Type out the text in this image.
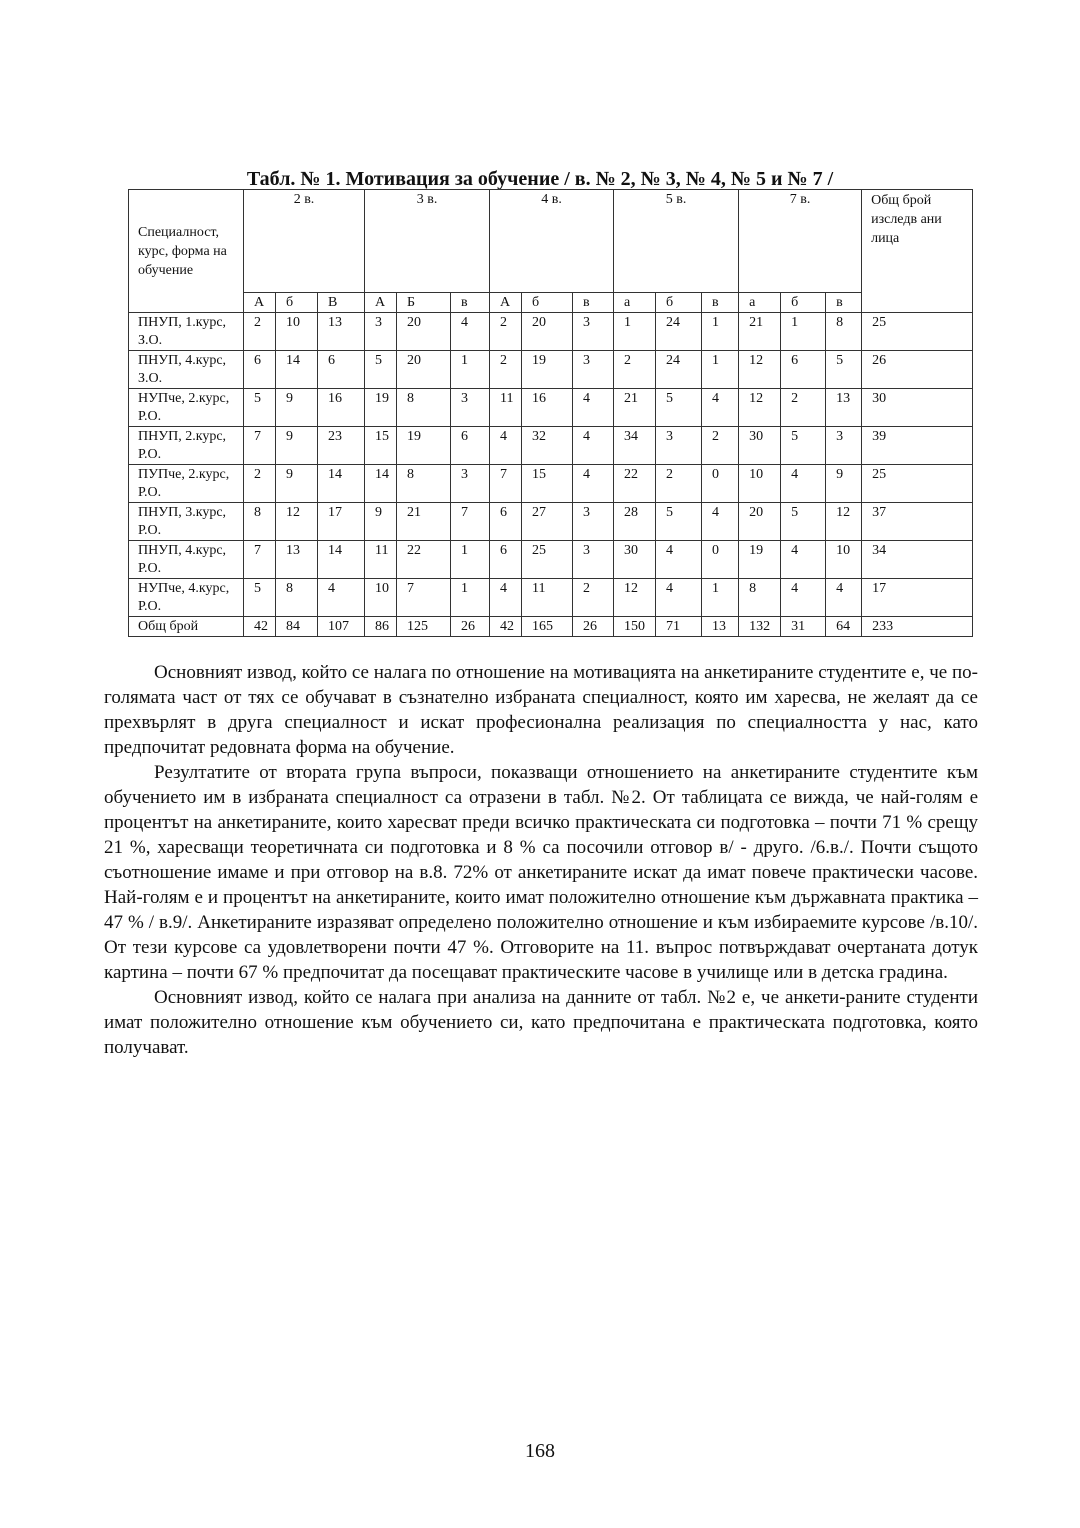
Табл. № 1. Мотивация за обучение / в. № 2, № 3, № 4, № 5 и № 7 /
Специалност, курс, форма на обучение	2 в.			3 в.			4 в.			5 в.			7 в.			Общ брой изследв ани лица
	А	б	В	А	Б	в	А	б	в	а	б	в	а	б	в	
ПНУП, 1.курс, З.О.	2	10	13	3	20	4	2	20	3	1	24	1	21	1	8	25
ПНУП, 4.курс, З.О.	6	14	6	5	20	1	2	19	3	2	24	1	12	6	5	26
НУПче, 2.курс, Р.О.	5	9	16	19	8	3	11	16	4	21	5	4	12	2	13	30
ПНУП, 2.курс, Р.О.	7	9	23	15	19	6	4	32	4	34	3	2	30	5	3	39
ПУПче, 2.курс, Р.О.	2	9	14	14	8	3	7	15	4	22	2	0	10	4	9	25
ПНУП, 3.курс, Р.О.	8	12	17	9	21	7	6	27	3	28	5	4	20	5	12	37
ПНУП, 4.курс, Р.О.	7	13	14	11	22	1	6	25	3	30	4	0	19	4	10	34
НУПче, 4.курс, Р.О.	5	8	4	10	7	1	4	11	2	12	4	1	8	4	4	17
Общ брой	42	84	107	86	125	26	42	165	26	150	71	13	132	31	64	233

Основният извод, който се налага по отношение на мотивацията на анкетираните студентите е, че по-голямата част от тях се обучават в съзнателно избраната специалност, която им харесва, не желаят да се прехвърлят в друга специалност и искат професионална реализация по специалността у нас, като предпочитат редовната форма на обучение.

Резултатите от втората група въпроси, показващи отношението на анкетираните студентите към обучението им в избраната специалност са отразени в табл. №2. От таблицата се вижда, че най-голям е процентът на анкетираните, които харесват преди всичко практическата си подготовка – почти 71 % срещу 21 %, харесващи теоретичната си подготовка и 8 % са посочили отговор в/ - друго. /6.в./. Почти същото съотношение имаме и при отговор на в.8. 72% от анкетираните искат да имат повече практически часове. Най-голям е и процентът на анкетираните, които имат положително отношение към държавната практика – 47 % / в.9/. Анкетираните изразяват определено положително отношение и към избираемите курсове /в.10/. От тези курсове са удовлетворени почти 47 %. Отговорите на 11. въпрос потвърждават очертаната дотук картина – почти 67 % предпочитат да посещават практическите часове в училище или в детска градина.

Основният извод, който се налага при анализа на данните от табл. №2 е, че анкети-раните студенти имат положително отношение към обучението си, като предпочитана е практическата подготовка, която получават.

168
